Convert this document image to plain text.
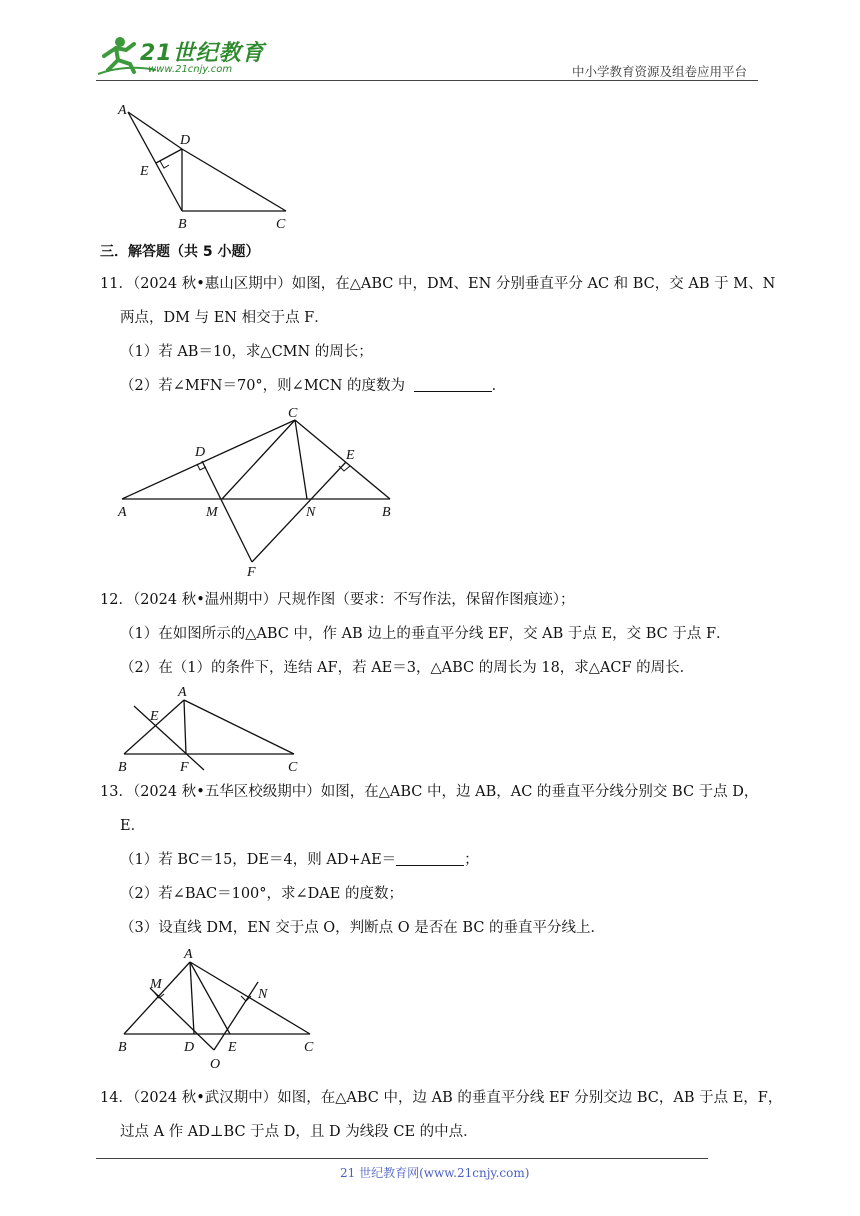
21世纪教育
www.21cnjy.com	中小学教育资源及组卷应用平台
A
D
E
B	C
三．解答题（共 5 小题）
11．（2024 秋•惠山区期中）如图，在△ABC 中，DM、EN 分别垂直平分 AC 和 BC，交 AB 于 M、N
两点，DM 与 EN 相交于点 F．
（1）若 AB＝10，求△CMN 的周长；
（2）若∠MFN＝70°，则∠MCN 的度数为	．
C
D	E
A	M	N	B
F
12．（2024 秋•温州期中）尺规作图（要求：不写作法，保留作图痕迹）；
（1）在如图所示的△ABC 中，作 AB 边上的垂直平分线 EF，交 AB 于点 E，交 BC 于点 F．
（2）在（1）的条件下，连结 AF，若 AE＝3，△ABC 的周长为 18，求△ACF 的周长．
A
E
B	F	C
13．（2024 秋•五华区校级期中）如图，在△ABC 中，边 AB，AC 的垂直平分线分别交 BC 于点 D，
E．
（1）若 BC＝15，DE＝4，则 AD+AE＝	；
（2）若∠BAC＝100°，求∠DAE 的度数；
（3）设直线 DM，EN 交于点 O，判断点 O 是否在 BC 的垂直平分线上．
A
M
N
B	D E	C
O
14．（2024 秋•武汉期中）如图，在△ABC 中，边 AB 的垂直平分线 EF 分别交边 BC，AB 于点 E，F，
过点 A 作 AD⊥BC 于点 D，且 D 为线段 CE 的中点．
21 世纪教育网(www.21cnjy.com)
